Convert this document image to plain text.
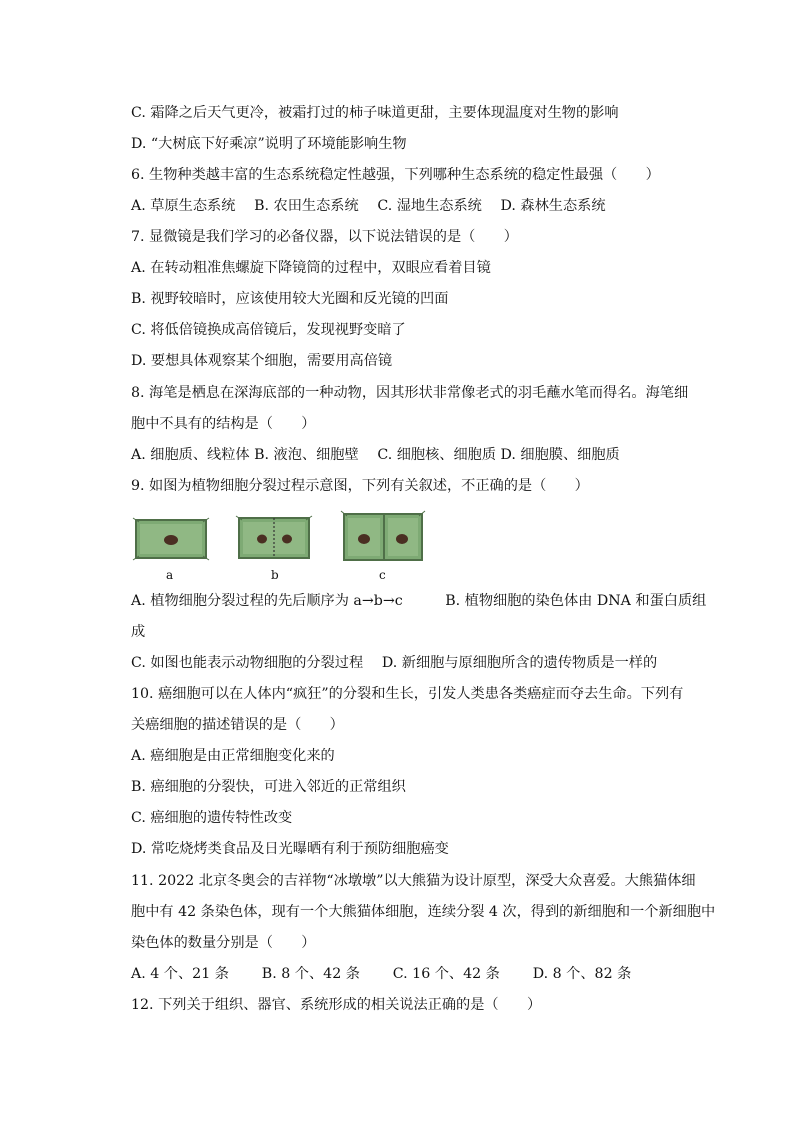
C. 霜降之后天气更冷，被霜打过的柿子味道更甜，主要体现温度对生物的影响
D. “大树底下好乘凉”说明了环境能影响生物
6. 生物种类越丰富的生态系统稳定性越强，下列哪种生态系统的稳定性最强（　　）
A. 草原生态系统　 B. 农田生态系统　 C. 湿地生态系统　 D. 森林生态系统
7. 显微镜是我们学习的必备仪器，以下说法错误的是（　　）
A. 在转动粗准焦螺旋下降镜筒的过程中，双眼应看着目镜
B. 视野较暗时，应该使用较大光圈和反光镜的凹面
C. 将低倍镜换成高倍镜后，发现视野变暗了
D. 要想具体观察某个细胞，需要用高倍镜
8. 海笔是栖息在深海底部的一种动物，因其形状非常像老式的羽毛蘸水笔而得名。海笔细
胞中不具有的结构是（　　）
A. 细胞质、线粒体 B. 液泡、细胞壁　 C. 细胞核、细胞质 D. 细胞膜、细胞质
9. 如图为植物细胞分裂过程示意图，下列有关叙述，不正确的是（　　）
A. 植物细胞分裂过程的先后顺序为 a→b→c　　　B. 植物细胞的染色体由 DNA 和蛋白质组
成
C. 如图也能表示动物细胞的分裂过程　 D. 新细胞与原细胞所含的遗传物质是一样的
10. 癌细胞可以在人体内“疯狂”的分裂和生长，引发人类患各类癌症而夺去生命。下列有
关癌细胞的描述错误的是（　　）
A. 癌细胞是由正常细胞变化来的
B. 癌细胞的分裂快，可进入邻近的正常组织
C. 癌细胞的遗传特性改变
D. 常吃烧烤类食品及日光曝晒有利于预防细胞癌变
11. 2022 北京冬奥会的吉祥物“冰墩墩”以大熊猫为设计原型，深受大众喜爱。大熊猫体细
胞中有 42 条染色体，现有一个大熊猫体细胞，连续分裂 4 次，得到的新细胞和一个新细胞中
染色体的数量分别是（　　）
A. 4 个、21 条　　 B. 8 个、42 条　　 C. 16 个、42 条　　 D. 8 个、82 条
12. 下列关于组织、器官、系统形成的相关说法正确的是（　　）
a	b	c
